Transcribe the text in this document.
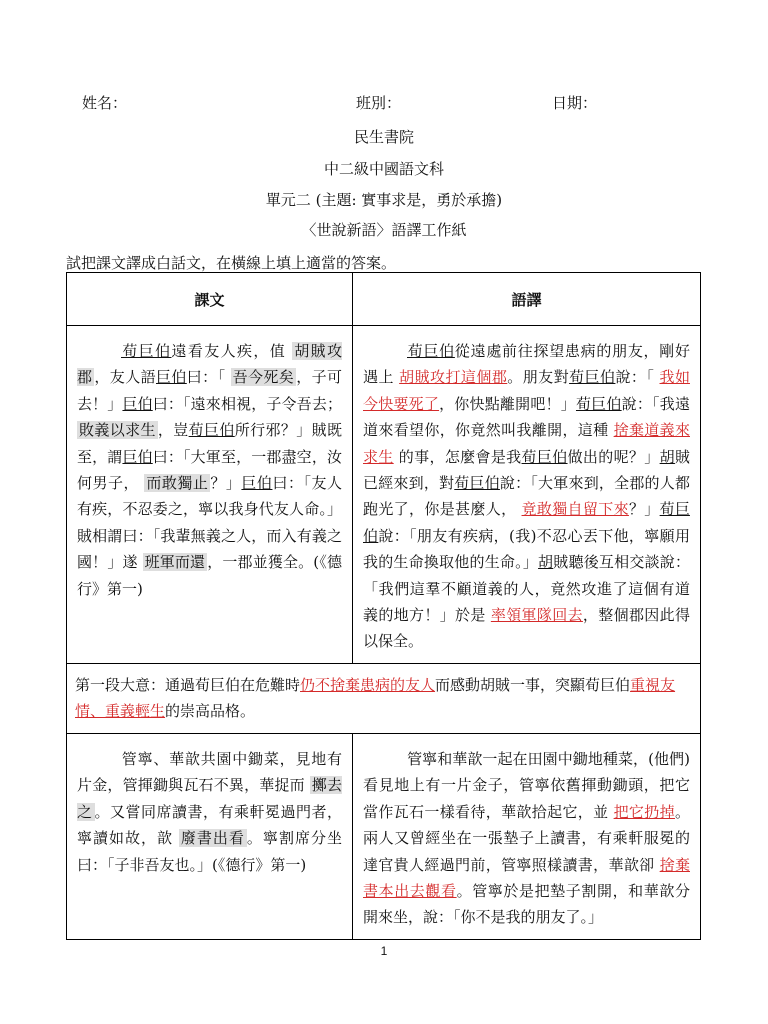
姓名：	班別：	日期：
民生書院
中二級中國語文科
單元二 (主題: 實事求是，勇於承擔)
〈世說新語〉語譯工作紙
試把課文譯成白話文，在橫線上填上適當的答案。
課文	語譯
荀巨伯遠看友人疾，值 胡賊攻郡 ，友人語巨伯曰：「 吾今死矣 ，子可去！」巨伯曰：「遠來相視，子令吾去；敗義以求生 ，豈荀巨伯所行邪？」賊既至，謂巨伯曰：「大軍至，一郡盡空，汝何男子， 而敢獨止 ？」巨伯曰：「友人有疾，不忍委之，寧以我身代友人命。」賊相謂曰：「我輩無義之人，而入有義之國！」遂 班軍而還 ，一郡並獲全。(《德行》第一)	荀巨伯從遠處前往探望患病的朋友，剛好遇上 胡賊攻打這個郡。朋友對荀巨伯說：「 我如今快要死了，你快點離開吧！」荀巨伯說：「我遠道來看望你，你竟然叫我離開，這種 捨棄道義來求生 的事，怎麼會是我荀巨伯做出的呢？」胡賊已經來到，對荀巨伯說：「大軍來到，全郡的人都跑光了，你是甚麼人， 竟敢獨自留下來？」荀巨伯說：「朋友有疾病，(我)不忍心丟下他，寧願用我的生命換取他的生命。」胡賊聽後互相交談說：「我們這羣不顧道義的人，竟然攻進了這個有道義的地方！」於是 率領軍隊回去，整個郡因此得以保全。
第一段大意：通過荀巨伯在危難時仍不捨棄患病的友人而感動胡賊一事，突顯荀巨伯重視友情、重義輕生的崇高品格。	
管寧、華歆共園中鋤菜，見地有片金，管揮鋤與瓦石不異，華捉而 擲去之 。又嘗同席讀書，有乘軒冕過門者，寧讀如故，歆 廢書出看 。寧割席分坐曰：「子非吾友也。」(《德行》第一)	管寧和華歆一起在田園中鋤地種菜，(他們)看見地上有一片金子，管寧依舊揮動鋤頭，把它當作瓦石一樣看待，華歆拾起它，並 把它扔掉。兩人又曾經坐在一張墊子上讀書，有乘軒服冕的達官貴人經過門前，管寧照樣讀書，華歆卻 捨棄書本出去觀看。管寧於是把墊子割開，和華歆分開來坐，說：「你不是我的朋友了。」
1
